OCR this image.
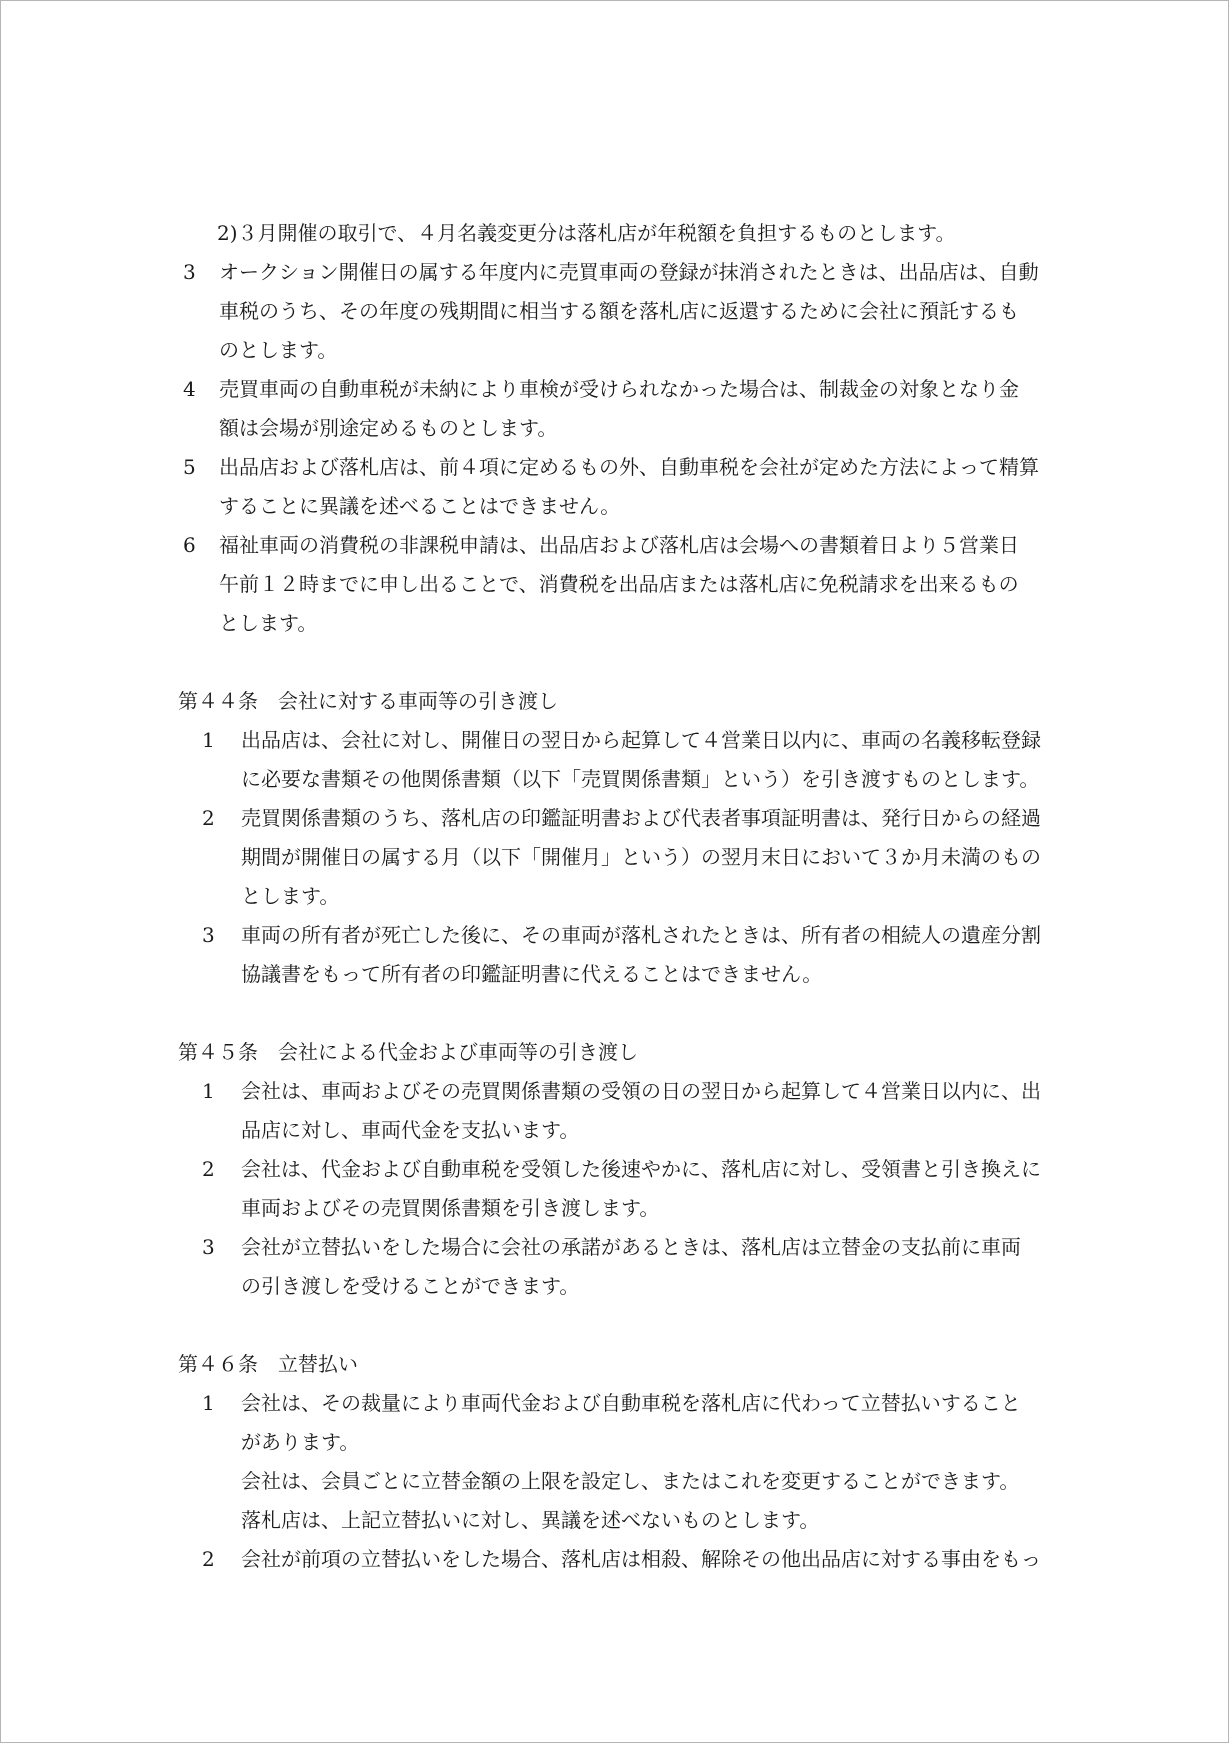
2)３月開催の取引で、４月名義変更分は落札店が年税額を負担するものとします。
3 オークション開催日の属する年度内に売買車両の登録が抹消されたときは、出品店は、自動
車税のうち、その年度の残期間に相当する額を落札店に返還するために会社に預託するも
のとします。
4 売買車両の自動車税が未納により車検が受けられなかった場合は、制裁金の対象となり金
額は会場が別途定めるものとします。
5 出品店および落札店は、前４項に定めるもの外、自動車税を会社が定めた方法によって精算
することに異議を述べることはできません。
6 福祉車両の消費税の非課税申請は、出品店および落札店は会場への書類着日より５営業日
午前１２時までに申し出ることで、消費税を出品店または落札店に免税請求を出来るもの
とします。
第４４条　会社に対する車両等の引き渡し
1 出品店は、会社に対し、開催日の翌日から起算して４営業日以内に、車両の名義移転登録
に必要な書類その他関係書類（以下「売買関係書類」という）を引き渡すものとします。
2 売買関係書類のうち、落札店の印鑑証明書および代表者事項証明書は、発行日からの経過
期間が開催日の属する月（以下「開催月」という）の翌月末日において３か月未満のもの
とします。
3 車両の所有者が死亡した後に、その車両が落札されたときは、所有者の相続人の遺産分割
協議書をもって所有者の印鑑証明書に代えることはできません。
第４５条　会社による代金および車両等の引き渡し
1 会社は、車両およびその売買関係書類の受領の日の翌日から起算して４営業日以内に、出
品店に対し、車両代金を支払います。
2 会社は、代金および自動車税を受領した後速やかに、落札店に対し、受領書と引き換えに
車両およびその売買関係書類を引き渡します。
3 会社が立替払いをした場合に会社の承諾があるときは、落札店は立替金の支払前に車両
の引き渡しを受けることができます。
第４６条　立替払い
1 会社は、その裁量により車両代金および自動車税を落札店に代わって立替払いすること
があります。
会社は、会員ごとに立替金額の上限を設定し、またはこれを変更することができます。
落札店は、上記立替払いに対し、異議を述べないものとします。
2 会社が前項の立替払いをした場合、落札店は相殺、解除その他出品店に対する事由をもっ
